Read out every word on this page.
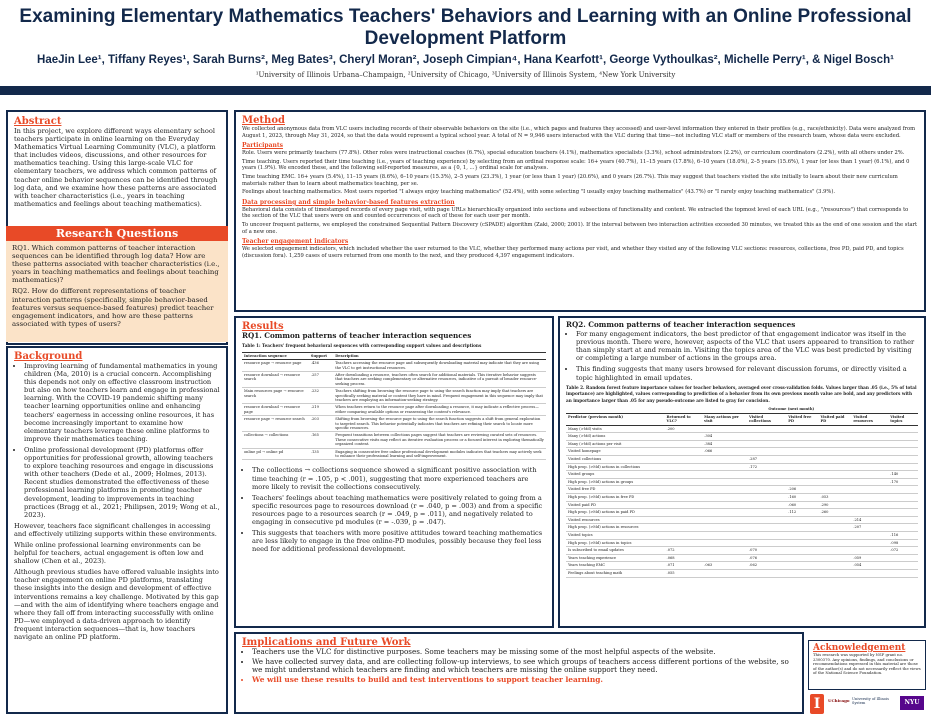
Examining Elementary Mathematics Teachers' Behaviors and Learning with an Online Professional Development Platform
HaeJin Lee¹, Tiffany Reyes¹, Sarah Burns², Meg Bates³, Cheryl Moran², Joseph Cimpian⁴, Hana Kearfott¹, George Vythoulkas², Michelle Perry¹, & Nigel Bosch¹
¹University of Illinois Urbana–Champaign, ²University of Chicago, ³University of Illinois System, ⁴New York University

Abstract

In this project, we explore different ways elementary school teachers participate in online learning on the Everyday Mathematics Virtual Learning Community (VLC), a platform that includes videos, discussions, and other resources for mathematics teaching. Using this large-scale VLC for elementary teachers, we address which common patterns of teacher online behavior sequences can be identified through log data, and we examine how these patterns are associated with teacher characteristics (i.e., years in teaching mathematics and feelings about teaching mathematics).

Research Questions

RQ1. Which common patterns of teacher interaction sequences can be identified through log data? How are these patterns associated with teacher characteristics (i.e., years in teaching mathematics and feelings about teaching mathematics)?

RQ2. How do different representations of teacher interaction patterns (specifically, simple behavior-based features versus sequence-based features) predict teacher engagement indicators, and how are these patterns associated with types of users?

Background

• Improving learning of fundamental mathematics in young children (Ma, 2010) is a crucial concern. Accomplishing this depends not only on effective classroom instruction but also on how teachers learn and engage in professional learning. With the COVID-19 pandemic shifting many teacher learning opportunities online and enhancing teachers' eagerness in accessing online resources, it has become increasingly important to examine how elementary teachers leverage these online platforms to improve their mathematics teaching.
• Online professional development (PD) platforms offer opportunities for professional growth, allowing teachers to explore teaching resources and engage in discussions with other teachers (Dede et al., 2009; Holmes, 2013). Recent studies demonstrated the effectiveness of these professional learning platforms in promoting teacher development, leading to improvements in teaching practices (Bragg et al., 2021; Philipsen, 2019; Wong et al., 2023).

However, teachers face significant challenges in accessing and effectively utilizing supports within these environments.

While online professional learning environments can be helpful for teachers, actual engagement is often low and shallow (Chen et al., 2023).

Although previous studies have offered valuable insights into teacher engagement on online PD platforms, translating these insights into the design and development of effective interventions remains a key challenge. Motivated by this gap—and with the aim of identifying where teachers engage and where they fall off from interacting successfully with online PD—we employed a data-driven approach to identify frequent interaction sequences—that is, how teachers navigate an online PD platform.

Method

We collected anonymous data from VLC users including records of their observable behaviors on the site (i.e., which pages and features they accessed) and user-level information they entered in their profiles (e.g., race/ethnicity). Data were analyzed from August 1, 2023, through May 31, 2024, so that the data would represent a typical school year. A total of N = 9,946 users interacted with the VLC during that time—not including VLC staff or members of the research team, whose data were excluded.

Participants

Role. Users were primarily teachers (77.8%). Other roles were instructional coaches (6.7%), special education teachers (4.1%), mathematics specialists (3.3%), school administrators (2.2%), or curriculum coordinators (2.2%), with all others under 2%.

Time teaching. Users reported their time teaching (i.e., years of teaching experience) by selecting from an ordinal response scale: 16+ years (40.7%), 11–15 years (17.8%), 6–10 years (18.0%), 2–5 years (15.6%), 1 year (or less than 1 year) (6.1%), and 0 years (1.9%). We encoded these, and the following self-reported measures, as a {0, 1, ...} ordinal scale for analyses.

Time teaching EMC. 16+ years (5.4%), 11–15 years (8.6%), 6–10 years (15.3%), 2–5 years (23.3%), 1 year (or less than 1 year) (20.6%), and 0 years (26.7%). This may suggest that teachers visited the site initially to learn about their new curriculum materials rather than to learn about mathematics teaching, per se.

Feelings about teaching mathematics. Most users reported "I always enjoy teaching mathematics" (52.4%), with some selecting "I usually enjoy teaching mathematics" (43.7%) or "I rarely enjoy teaching mathematics" (3.9%).

Data processing and simple behavior-based features extraction

Behavioral data consists of timestamped records of every page visit, with page URLs hierarchically organized into sections and subsections of functionality and content. We extracted the topmost level of each URL (e.g., "/resources") that corresponds to the section of the VLC that users were on and counted occurrences of each of these for each user per month.

To uncover frequent patterns, we employed the constrained Sequential Pattern Discovery (cSPADE) algorithm (Zaki, 2000; 2001). If the interval between two interaction activities exceeded 30 minutes, we treated this as the end of one session and the start of a new one.

Teacher engagement indicators

We selected engagement indicators, which included whether the user returned to the VLC, whether they performed many actions per visit, and whether they visited any of the following VLC sections: resources, collections, free PD, paid PD, and topics (discussion fora). 1,259 cases of users returned from one month to the next, and they produced 4,397 engagement indicators.

Results

RQ1. Common patterns of teacher interaction sequences

Table 1: Teachers' frequent behavioral sequences with corresponding support values and descriptions

Interaction sequence	Support	Description
resource page → resource page	.436	Teachers accessing the resource page and subsequently downloading material may indicate that they are using the VLC to get instructional resources.
resource download → resource search	.257	After downloading a resource, teachers often search for additional materials. This iterative behavior suggests that teachers are seeking complementary or alternative resources, indicative of a pursuit of broader resource-seeking process.
Main resources page → resource search	.232	Teachers shifting from browsing the resource page to using the search function may imply that teachers are specifically seeking material or content they have in mind. Frequent engagement in this sequence may imply that teachers are employing an information-seeking strategy.
resource download → resource page	.219	When teachers return to the resource page after downloading a resource, it may indicate a reflective process—either comparing available options or reassessing the content's relevance.
resource page → resource search	.203	Shifting from browsing the resource page to using the search function suggests a shift from general exploration to targeted search. This behavior potentially indicates that teachers are refining their search to locate more specific resources.
collections → collections	.165	Frequent transitions between collections pages suggest that teachers are reviewing curated sets of resources. These consecutive visits may reflect an iterative evaluation process or a focused interest in exploring thematically organized content.
online pd → online pd	.135	Engaging in consecutive free online professional development modules indicates that teachers may actively seek to enhance their professional learning and self-improvement.
• The collections → collections sequence showed a significant positive association with time teaching (r = .105, p < .001), suggesting that more experienced teachers are more likely to revisit the collections consecutively.
• Teachers' feelings about teaching mathematics were positively related to going from a specific resources page to resources download (r = .040, p = .003) and from a specific resources page to a resources search (r = .049, p = .011), and negatively related to engaging in consecutive pd modules (r = -.039, p = .047).
• This suggests that teachers with more positive attitudes toward teaching mathematics are less likely to engage in the free online-PD modules, possibly because they feel less need for additional professional development.

RQ2. Common patterns of teacher interaction sequences

• For many engagement indicators, the best predictor of that engagement indicator was itself in the previous month. There were, however, aspects of the VLC that users appeared to transition to rather than simply start at and remain in. Visiting the topics area of the VLC was best predicted by visiting or completing a large number of actions in the groups area.
• This finding suggests that many users browsed for relevant discussion forums, or directly visited a topic highlighted in email updates.

Table 2. Random forest feature importance values for teacher behaviors, averaged over cross-validation folds. Values larger than .05 (i.e., 5% of total importance) are highlighted, values corresponding to prediction of a behavior from its own previous month value are bold, and any predictors with an importance larger than .05 for any pseudo-outcome are listed to gray for concision.

	Outcome (next month)						
Predictor (previous month)	Returned to VLC?	Many actions per visit	Visited collections	Visited free PD	Visited paid PD	Visited resources	Visited topics
Many (>Md) visits	.200						
Many (>Md) actions		.304					
Many (>Md) actions per visit		.384					
Visited homepage		.066					
Visited collections			.287				
High prop. (>Md) actions in collections			.172				
Visited groups							.140
High prop. (>Md) actions in groups							.170
Visited free PD				.206			
High prop. (>Md) actions in free PD				.160	.053		
Visited paid PD				.060	.290		
High prop. (>Md) actions in paid PD				.112	.260		
Visited resources						.214	
High prop. (>Md) actions in resources						.207	
Visited topics							.116
High prop. (>Md) actions in topics							.098
Is subscribed to email updates	.072		.070				.072
Years teaching experience	.068		.076			.059	
Years teaching EMC	.071	.063	.062			.054	
Feelings about teaching math	.055						

Implications and Future Work

• Teachers use the VLC for distinctive purposes. Some teachers may be missing some of the most helpful aspects of the website.
• We have collected survey data, and are collecting follow-up interviews, to see which groups of teachers access different portions of the website, so we might understand which teachers are finding and which teachers are missing the online support they need.
• We will use these results to build and test interventions to support teacher learning.

Acknowledgement

This research was supported by NSF grant no. 2300370. Any opinions, findings, and conclusions or recommendations expressed in this material are those of the author(s) and do not necessarily reflect the views of the National Science Foundation.

I	UChicago University of Illinois System	NYU
